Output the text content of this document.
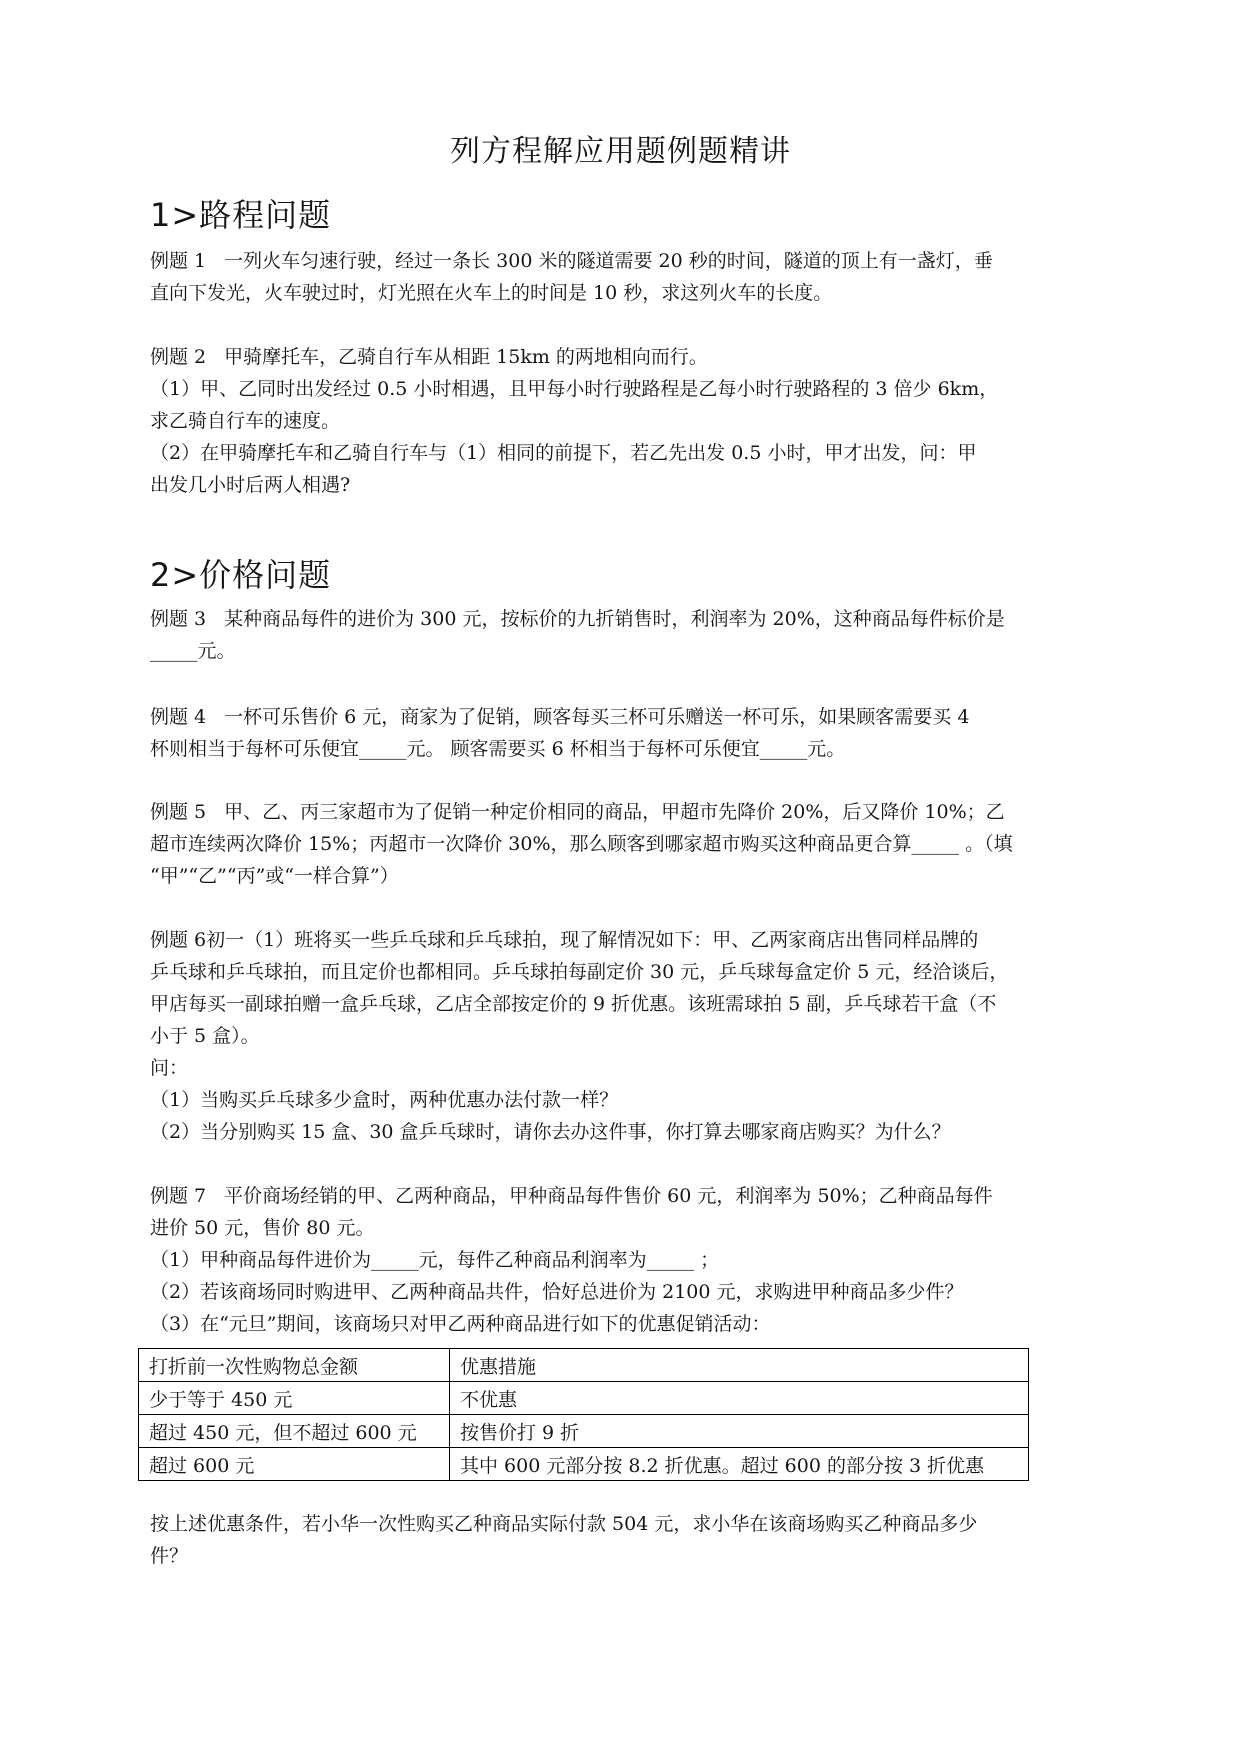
列方程解应用题例题精讲
1>路程问题
例题 1 一列火车匀速行驶，经过一条长 300 米的隧道需要 20 秒的时间，隧道的顶上有一盏灯，垂
直向下发光，火车驶过时，灯光照在火车上的时间是 10 秒，求这列火车的长度。
例题 2 甲骑摩托车，乙骑自行车从相距 15km 的两地相向而行。
（1）甲、乙同时出发经过 0.5 小时相遇，且甲每小时行驶路程是乙每小时行驶路程的 3 倍少 6km，
求乙骑自行车的速度。
（2）在甲骑摩托车和乙骑自行车与（1）相同的前提下，若乙先出发 0.5 小时，甲才出发，问：甲
出发几小时后两人相遇?
2>价格问题
例题 3 某种商品每件的进价为 300 元，按标价的九折销售时，利润率为 20%，这种商品每件标价是
_____元。
例题 4 一杯可乐售价 6 元，商家为了促销，顾客每买三杯可乐赠送一杯可乐，如果顾客需要买 4
杯则相当于每杯可乐便宜_____元。 顾客需要买 6 杯相当于每杯可乐便宜_____元。
例题 5 甲、乙、丙三家超市为了促销一种定价相同的商品，甲超市先降价 20%，后又降价 10%；乙
超市连续两次降价 15%；丙超市一次降价 30%，那么顾客到哪家超市购买这种商品更合算_____ 。（填
“甲”“乙”“丙”或“一样合算”）
例题 6初一（1）班将买一些乒乓球和乒乓球拍，现了解情况如下：甲、乙两家商店出售同样品牌的
乒乓球和乒乓球拍，而且定价也都相同。乒乓球拍每副定价 30 元，乒乓球每盒定价 5 元，经洽谈后，
甲店每买一副球拍赠一盒乒乓球，乙店全部按定价的 9 折优惠。该班需球拍 5 副，乒乓球若干盒（不
小于 5 盒）。
问：
（1）当购买乒乓球多少盒时，两种优惠办法付款一样？
（2）当分别购买 15 盒、30 盒乒乓球时，请你去办这件事，你打算去哪家商店购买？为什么？
例题 7 平价商场经销的甲、乙两种商品，甲种商品每件售价 60 元，利润率为 50%；乙种商品每件
进价 50 元，售价 80 元。
（1）甲种商品每件进价为_____元，每件乙种商品利润率为_____ ；
（2）若该商场同时购进甲、乙两种商品共件，恰好总进价为 2100 元，求购进甲种商品多少件？
（3）在“元旦”期间，该商场只对甲乙两种商品进行如下的优惠促销活动：
打折前一次性购物总金额	优惠措施
少于等于 450 元	不优惠
超过 450 元，但不超过 600 元	按售价打 9 折
超过 600 元	其中 600 元部分按 8.2 折优惠。超过 600 的部分按 3 折优惠
按上述优惠条件，若小华一次性购买乙种商品实际付款 504 元，求小华在该商场购买乙种商品多少
件？
